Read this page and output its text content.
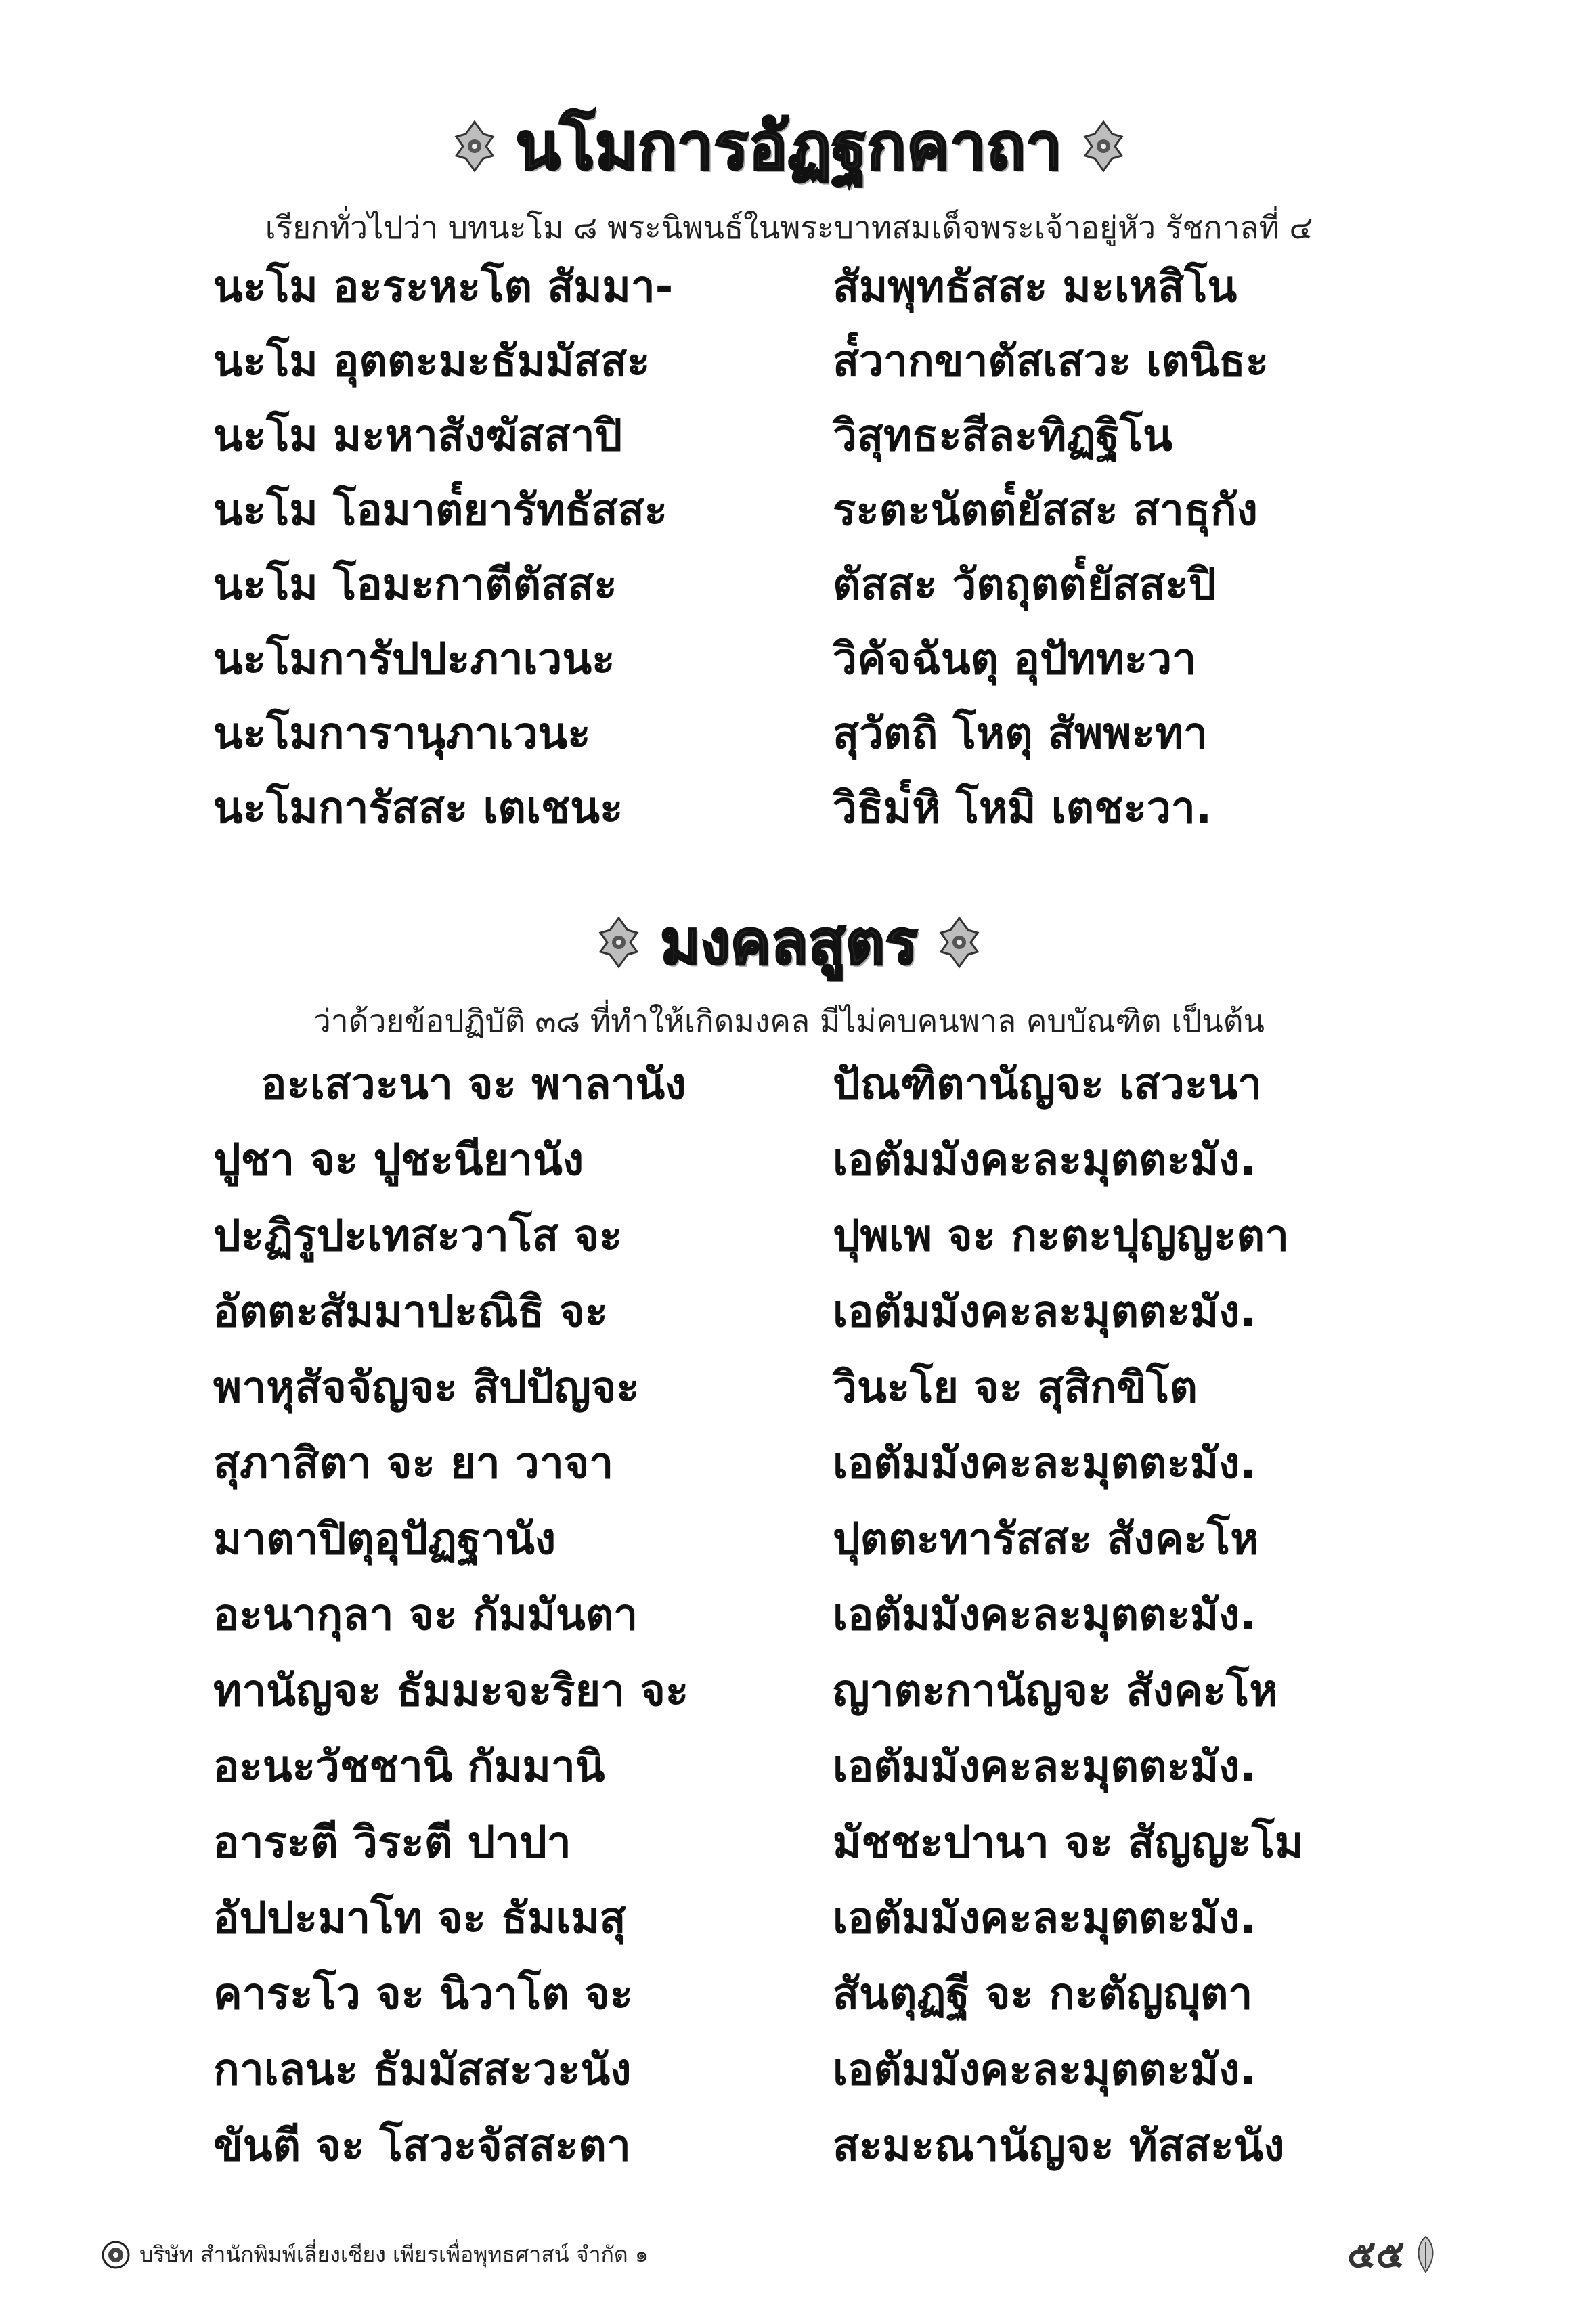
นโมการอัฏฐกคาถา
เรียกทั่วไปว่า บทนะโม ๘ พระนิพนธ์ในพระบาทสมเด็จพระเจ้าอยู่หัว รัชกาลที่ ๔
นะโม อะระหะโต สัมมา-	สัมพุทธัสสะ มะเหสิโน
นะโม อุตตะมะธัมมัสสะ	ส๎วากขาตัสเสวะ เตนิธะ
นะโม มะหาสังฆัสสาปิ	วิสุทธะสีละทิฏฐิโน
นะโม โอมาต๎ยารัทธัสสะ	ระตะนัตต๎ยัสสะ สาธุกัง
นะโม โอมะกาตีตัสสะ	ตัสสะ วัตถุตต๎ยัสสะปิ
นะโมการัปปะภาเวนะ	วิคัจฉันตุ อุปัททะวา
นะโมการานุภาเวนะ	สุวัตถิ โหตุ สัพพะทา
นะโมการัสสะ เตเชนะ	วิธิม๎หิ โหมิ เตชะวา.
มงคลสูตร
ว่าด้วยข้อปฏิบัติ ๓๘ ที่ทำให้เกิดมงคล มีไม่คบคนพาล คบบัณฑิต เป็นต้น
อะเสวะนา จะ พาลานัง	ปัณฑิตานัญจะ เสวะนา
ปูชา จะ ปูชะนียานัง	เอตัมมังคะละมุตตะมัง.
ปะฏิรูปะเทสะวาโส จะ	ปุพเพ จะ กะตะปุญญะตา
อัตตะสัมมาปะณิธิ จะ	เอตัมมังคะละมุตตะมัง.
พาหุสัจจัญจะ สิปปัญจะ	วินะโย จะ สุสิกขิโต
สุภาสิตา จะ ยา วาจา	เอตัมมังคะละมุตตะมัง.
มาตาปิตุอุปัฏฐานัง	ปุตตะทารัสสะ สังคะโห
อะนากุลา จะ กัมมันตา	เอตัมมังคะละมุตตะมัง.
ทานัญจะ ธัมมะจะริยา จะ	ญาตะกานัญจะ สังคะโห
อะนะวัชชานิ กัมมานิ	เอตัมมังคะละมุตตะมัง.
อาระตี วิระตี ปาปา	มัชชะปานา จะ สัญญะโม
อัปปะมาโท จะ ธัมเมสุ	เอตัมมังคะละมุตตะมัง.
คาระโว จะ นิวาโต จะ	สันตุฏฐี จะ กะตัญญุตา
กาเลนะ ธัมมัสสะวะนัง	เอตัมมังคะละมุตตะมัง.
ขันตี จะ โสวะจัสสะตา	สะมะณานัญจะ ทัสสะนัง
บริษัท สำนักพิมพ์เลี่ยงเชียง เพียรเพื่อพุทธศาสน์ จำกัด ๑	๕๕
